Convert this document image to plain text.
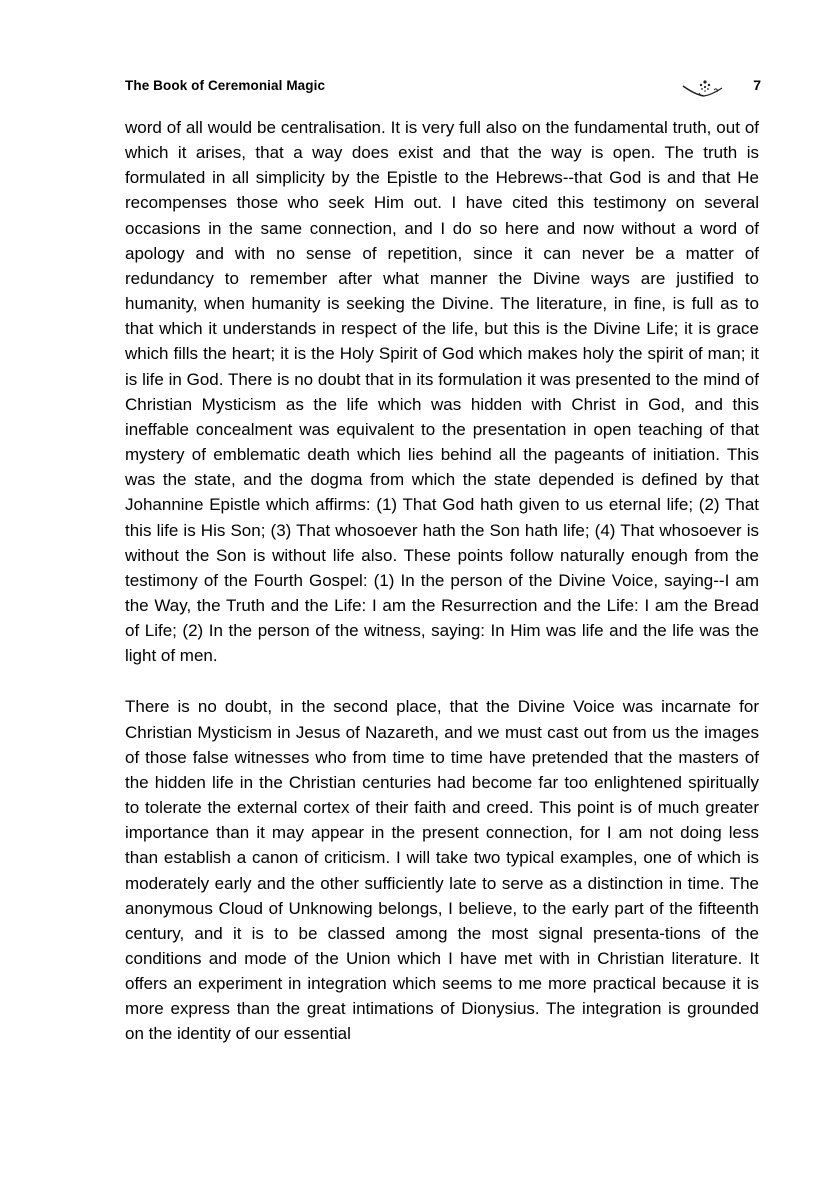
The Book of Ceremonial Magic	7

word of all would be centralisation. It is very full also on the fundamental truth, out of which it arises, that a way does exist and that the way is open. The truth is formulated in all simplicity by the Epistle to the Hebrews--that God is and that He recompenses those who seek Him out. I have cited this testimony on several occasions in the same connection, and I do so here and now without a word of apology and with no sense of repetition, since it can never be a matter of redundancy to remember after what manner the Divine ways are justified to humanity, when humanity is seeking the Divine. The literature, in fine, is full as to that which it understands in respect of the life, but this is the Divine Life; it is grace which fills the heart; it is the Holy Spirit of God which makes holy the spirit of man; it is life in God. There is no doubt that in its formulation it was presented to the mind of Christian Mysticism as the life which was hidden with Christ in God, and this ineffable concealment was equivalent to the presentation in open teaching of that mystery of emblematic death which lies behind all the pageants of initiation. This was the state, and the dogma from which the state depended is defined by that Johannine Epistle which affirms: (1) That God hath given to us eternal life; (2) That this life is His Son; (3) That whosoever hath the Son hath life; (4) That whosoever is without the Son is without life also. These points follow naturally enough from the testimony of the Fourth Gospel: (1) In the person of the Divine Voice, saying--I am the Way, the Truth and the Life: I am the Resurrection and the Life: I am the Bread of Life; (2) In the person of the witness, saying: In Him was life and the life was the light of men.

There is no doubt, in the second place, that the Divine Voice was incarnate for Christian Mysticism in Jesus of Nazareth, and we must cast out from us the images of those false witnesses who from time to time have pretended that the masters of the hidden life in the Christian centuries had become far too enlightened spiritually to tolerate the external cortex of their faith and creed. This point is of much greater importance than it may appear in the present connection, for I am not doing less than establish a canon of criticism. I will take two typical examples, one of which is moderately early and the other sufficiently late to serve as a distinction in time. The anonymous Cloud of Unknowing belongs, I believe, to the early part of the fifteenth century, and it is to be classed among the most signal presenta-tions of the conditions and mode of the Union which I have met with in Christian literature. It offers an experiment in integration which seems to me more practical because it is more express than the great intimations of Dionysius. The integration is grounded on the identity of our essential
